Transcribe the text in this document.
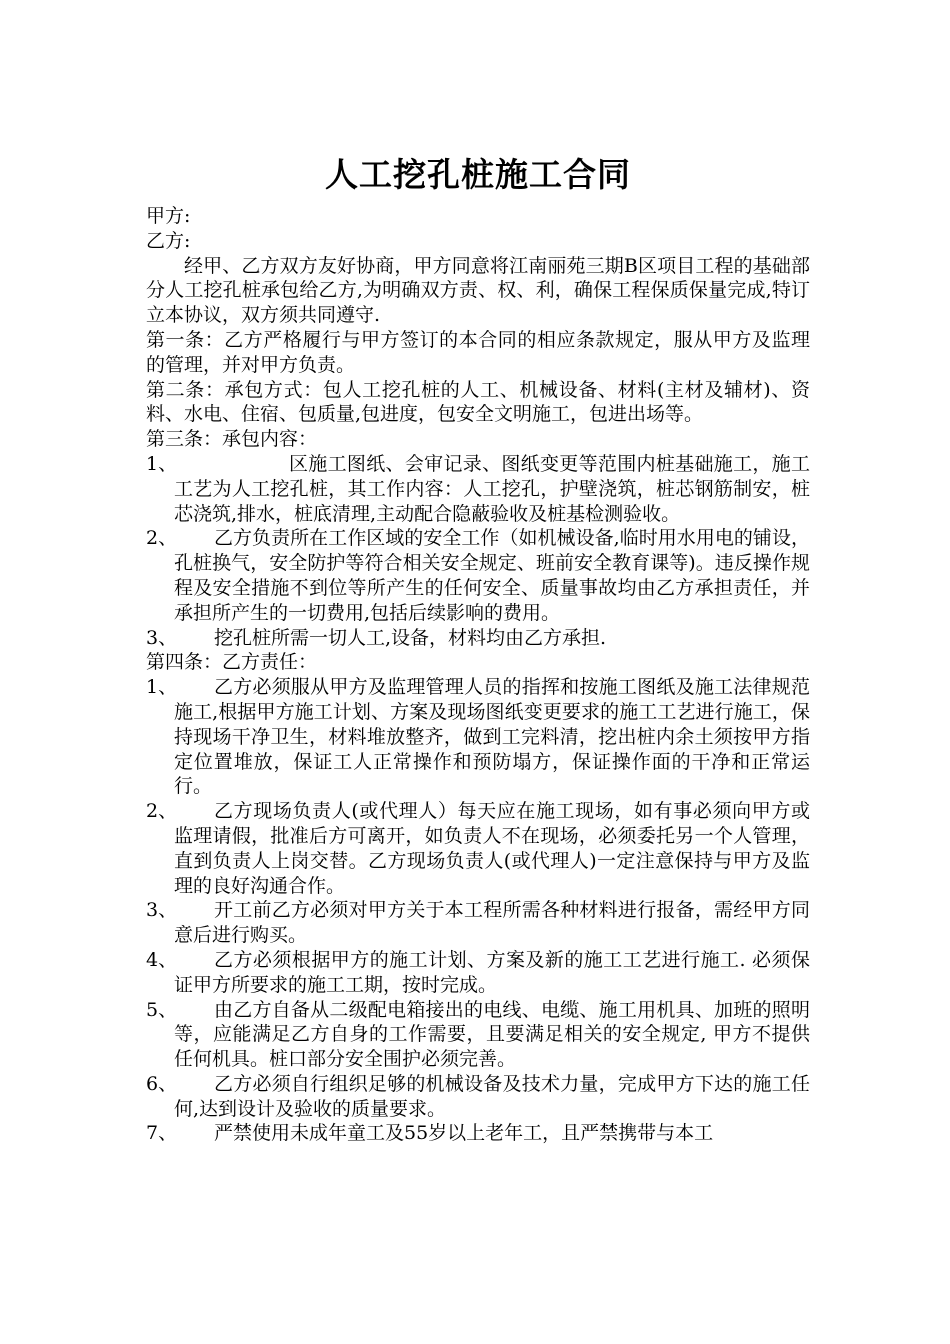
人工挖孔桩施工合同

甲方:

乙方:

经甲、乙方双方友好协商，甲方同意将江南丽苑三期B区项目工程的基础部分人工挖孔桩承包给乙方,为明确双方责、权、利，确保工程保质保量完成,特订立本协议，双方须共同遵守.

第一条：乙方严格履行与甲方签订的本合同的相应条款规定，服从甲方及监理的管理，并对甲方负责。

第二条：承包方式：包人工挖孔桩的人工、机械设备、材料(主材及辅材)、资料、水电、住宿、包质量,包进度，包安全文明施工，包进出场等。

第三条：承包内容：

1、	区施工图纸、会审记录、图纸变更等范围内桩基础施工，施工工艺为人工挖孔桩，其工作内容：人工挖孔，护壁浇筑，桩芯钢筋制安，桩芯浇筑,排水，桩底清理,主动配合隐蔽验收及桩基检测验收。
2、	乙方负责所在工作区域的安全工作（如机械设备,临时用水用电的铺设，孔桩换气，安全防护等符合相关安全规定、班前安全教育课等)。违反操作规程及安全措施不到位等所产生的任何安全、质量事故均由乙方承担责任，并承担所产生的一切费用,包括后续影响的费用。
3、	挖孔桩所需一切人工,设备，材料均由乙方承担.

第四条：乙方责任：

1、	乙方必须服从甲方及监理管理人员的指挥和按施工图纸及施工法律规范施工,根据甲方施工计划、方案及现场图纸变更要求的施工工艺进行施工，保持现场干净卫生，材料堆放整齐，做到工完料清，挖出桩内余土须按甲方指定位置堆放，保证工人正常操作和预防塌方，保证操作面的干净和正常运行。
2、	乙方现场负责人(或代理人）每天应在施工现场，如有事必须向甲方或监理请假，批准后方可离开，如负责人不在现场，必须委托另一个人管理，直到负责人上岗交替。乙方现场负责人(或代理人)一定注意保持与甲方及监理的良好沟通合作。
3、	开工前乙方必须对甲方关于本工程所需各种材料进行报备，需经甲方同意后进行购买。
4、	乙方必须根据甲方的施工计划、方案及新的施工工艺进行施工. 必须保证甲方所要求的施工工期，按时完成。
5、	由乙方自备从二级配电箱接出的电线、电缆、施工用机具、加班的照明等，应能满足乙方自身的工作需要，且要满足相关的安全规定, 甲方不提供任何机具。桩口部分安全围护必须完善。
6、	乙方必须自行组织足够的机械设备及技术力量，完成甲方下达的施工任何,达到设计及验收的质量要求。
7、	严禁使用未成年童工及55岁以上老年工，且严禁携带与本工
